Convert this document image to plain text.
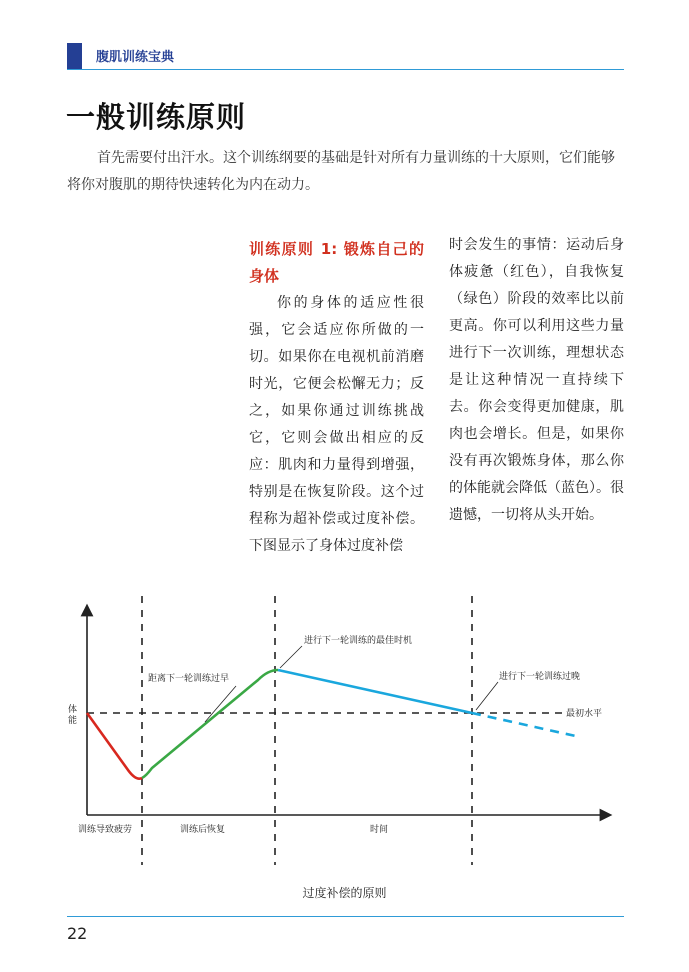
腹肌训练宝典
一般训练原则

首先需要付出汗水。这个训练纲要的基础是针对所有力量训练的十大原则，它们能够将你对腹肌的期待快速转化为内在动力。

训练原则 1: 锻炼自己的身体

你的身体的适应性很强，它会适应你所做的一切。如果你在电视机前消磨时光，它便会松懈无力；反之，如果你通过训练挑战它，它则会做出相应的反应：肌肉和力量得到增强，特别是在恢复阶段。这个过程称为超补偿或过度补偿。下图显示了身体过度补偿

时会发生的事情：运动后身体疲惫（红色），自我恢复（绿色）阶段的效率比以前更高。你可以利用这些力量进行下一次训练，理想状态是让这种情况一直持续下去。你会变得更加健康，肌肉也会增长。但是，如果你没有再次锻炼身体，那么你的体能就会降低（蓝色）。很遗憾，一切将从头开始。

体
能
距离下一轮训练过早
进行下一轮训练的最佳时机
进行下一轮训练过晚
最初水平
训练导致疲劳	训练后恢复	时间
过度补偿的原则
22
